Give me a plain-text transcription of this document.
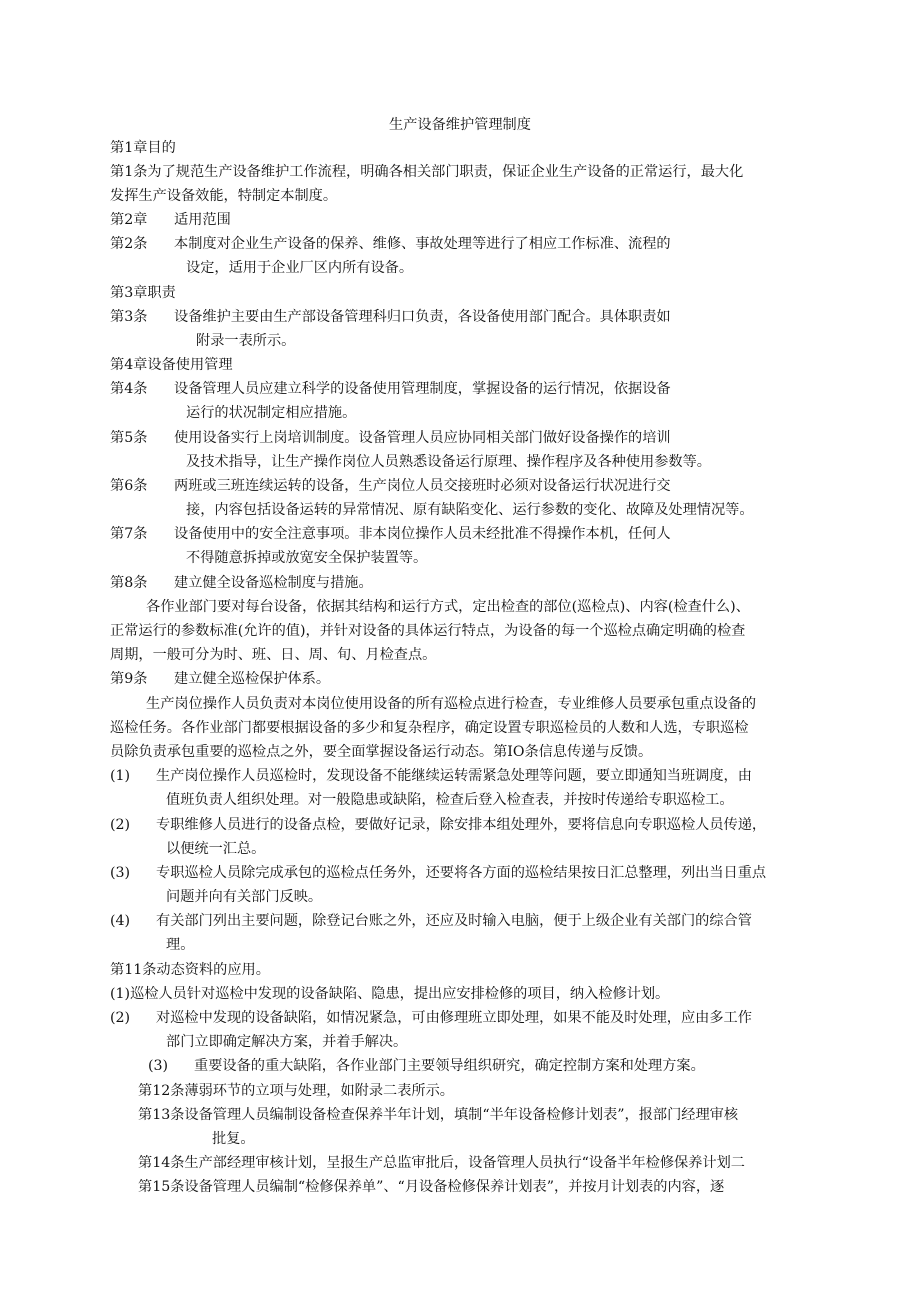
生产设备维护管理制度
第1章目的
第1条为了规范生产设备维护工作流程，明确各相关部门职责，保证企业生产设备的正常运行，最大化
发挥生产设备效能，特制定本制度。
第2章 适用范围
第2条 本制度对企业生产设备的保养、维修、事故处理等进行了相应工作标准、流程的
设定，适用于企业厂区内所有设备。
第3章职责
第3条 设备维护主要由生产部设备管理科归口负责，各设备使用部门配合。具体职责如
附录一表所示。
第4章设备使用管理
第4条 设备管理人员应建立科学的设备使用管理制度，掌握设备的运行情况，依据设备
运行的状况制定相应措施。
第5条 使用设备实行上岗培训制度。设备管理人员应协同相关部门做好设备操作的培训
及技术指导，让生产操作岗位人员熟悉设备运行原理、操作程序及各种使用参数等。
第6条 两班或三班连续运转的设备，生产岗位人员交接班时必须对设备运行状况进行交
接，内容包括设备运转的异常情况、原有缺陷变化、运行参数的变化、故障及处理情况等。
第7条 设备使用中的安全注意事项。非本岗位操作人员未经批准不得操作本机，任何人
不得随意拆掉或放宽安全保护装置等。
第8条 建立健全设备巡检制度与措施。
各作业部门要对每台设备，依据其结构和运行方式，定出检查的部位(巡检点)、内容(检查什么)、
正常运行的参数标准(允许的值)，并针对设备的具体运行特点，为设备的每一个巡检点确定明确的检查
周期，一般可分为时、班、日、周、旬、月检查点。
第9条 建立健全巡检保护体系。
生产岗位操作人员负责对本岗位使用设备的所有巡检点进行检查，专业维修人员要承包重点设备的
巡检任务。各作业部门都要根据设备的多少和复杂程序，确定设置专职巡检员的人数和人选，专职巡检
员除负责承包重要的巡检点之外，要全面掌握设备运行动态。第IO条信息传递与反馈。
(1) 生产岗位操作人员巡检时，发现设备不能继续运转需紧急处理等问题，要立即通知当班调度，由
值班负责人组织处理。对一般隐患或缺陷，检查后登入检查表，并按时传递给专职巡检工。
(2) 专职维修人员进行的设备点检，要做好记录，除安排本组处理外，要将信息向专职巡检人员传递，
以便统一汇总。
(3) 专职巡检人员除完成承包的巡检点任务外，还要将各方面的巡检结果按日汇总整理，列出当日重点
问题并向有关部门反映。
(4) 有关部门列出主要问题，除登记台账之外，还应及时输入电脑，便于上级企业有关部门的综合管
理。
第11条动态资料的应用。
(1)巡检人员针对巡检中发现的设备缺陷、隐患，提出应安排检修的项目，纳入检修计划。
(2) 对巡检中发现的设备缺陷，如情况紧急，可由修理班立即处理，如果不能及时处理，应由多工作
部门立即确定解决方案，并着手解决。
(3) 重要设备的重大缺陷，各作业部门主要领导组织研究，确定控制方案和处理方案。
第12条薄弱环节的立项与处理，如附录二表所示。
第13条设备管理人员编制设备检查保养半年计划，填制“半年设备检修计划表”，报部门经理审核
批复。
第14条生产部经理审核计划，呈报生产总监审批后，设备管理人员执行“设备半年检修保养计划二
第15条设备管理人员编制“检修保养单”、“月设备检修保养计划表”，并按月计划表的内容，逐
